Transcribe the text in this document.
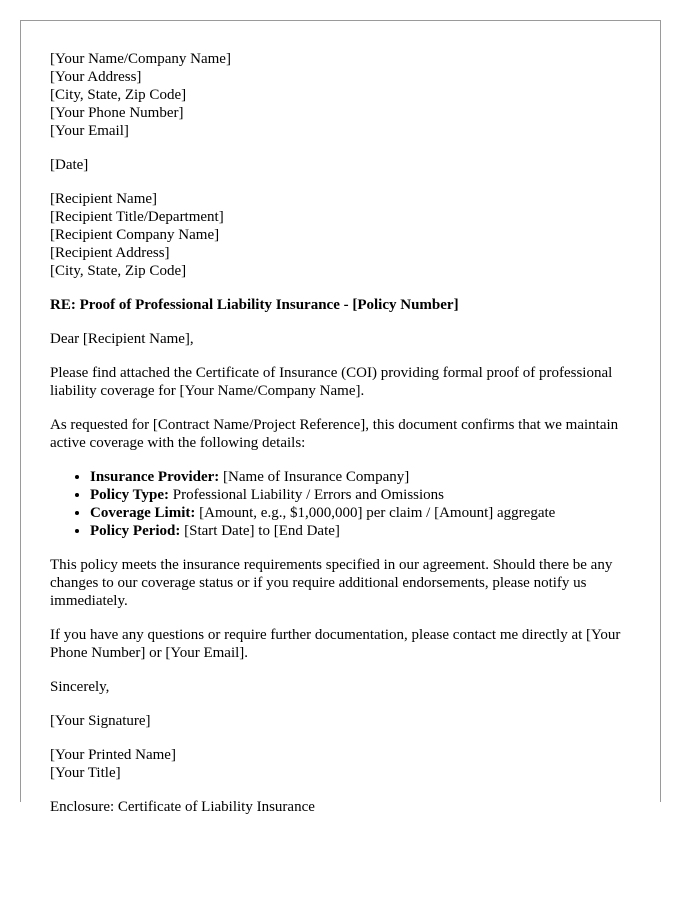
[Your Name/Company Name]
[Your Address]
[City, State, Zip Code]
[Your Phone Number]
[Your Email]

[Date]

[Recipient Name]
[Recipient Title/Department]
[Recipient Company Name]
[Recipient Address]
[City, State, Zip Code]
RE: Proof of Professional Liability Insurance - [Policy Number]

Dear [Recipient Name],

Please find attached the Certificate of Insurance (COI) providing formal proof of professional liability coverage for [Your Name/Company Name].

As requested for [Contract Name/Project Reference], this document confirms that we maintain active coverage with the following details:

• Insurance Provider: [Name of Insurance Company]
• Policy Type: Professional Liability / Errors and Omissions
• Coverage Limit: [Amount, e.g., $1,000,000] per claim / [Amount] aggregate
• Policy Period: [Start Date] to [End Date]

This policy meets the insurance requirements specified in our agreement. Should there be any changes to our coverage status or if you require additional endorsements, please notify us immediately.

If you have any questions or require further documentation, please contact me directly at [Your Phone Number] or [Your Email].

Sincerely,

[Your Signature]

[Your Printed Name]
[Your Title]

Enclosure: Certificate of Liability Insurance
